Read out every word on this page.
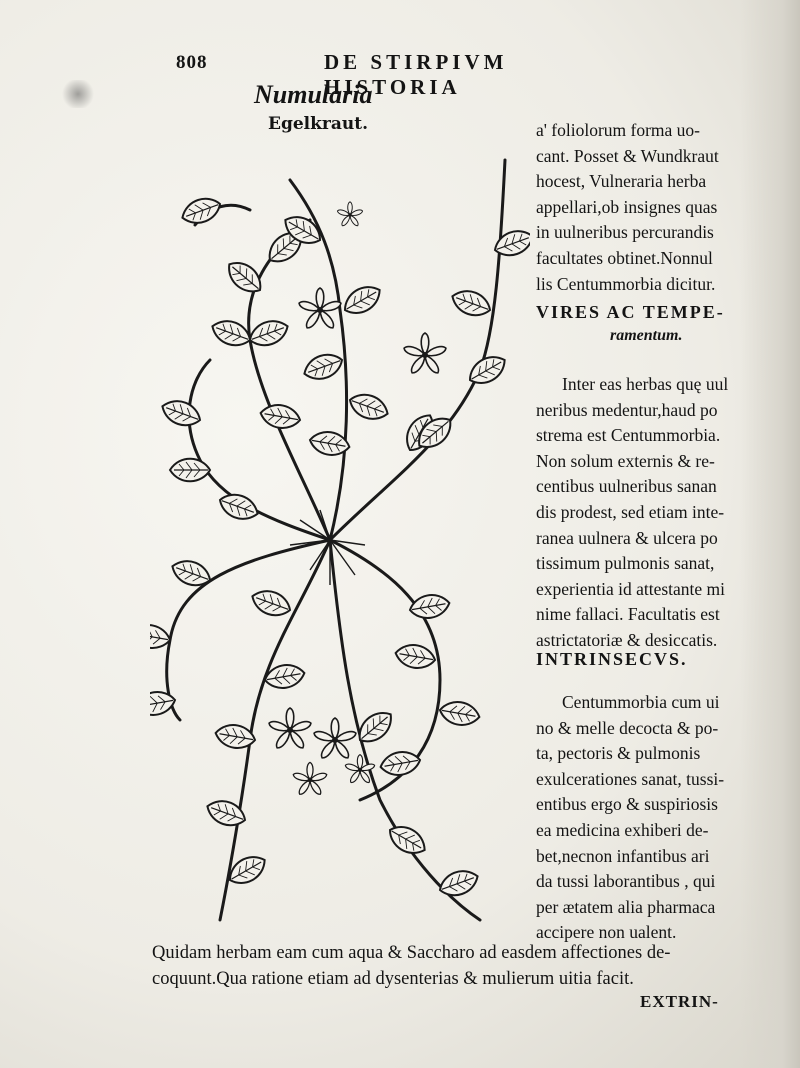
808	DE STIRPIVM HISTORIA
Numularia
Egelkraut.	a' foliolorum forma uo-
cant. Posset & Wundkraut
hocest, Vulneraria herba
appellari,ob insignes quas
in uulneribus percurandis
facultates obtinet.Nonnul
lis Centummorbia dicitur.
VIRES AC TEMPE-
ramentum.
Inter eas herbas quę uul
neribus medentur,haud po
strema est Centummorbia.
Non solum externis & re-
centibus uulneribus sanan
dis prodest, sed etiam inte-
ranea uulnera & ulcera po
tissimum pulmonis sanat,
experientia id attestante mi
nime fallaci. Facultatis est
astrictatoriæ & desiccatis.
INTRINSECVS.
Centummorbia cum ui
no & melle decocta & po-
ta, pectoris & pulmonis
exulcerationes sanat, tussi-
entibus ergo & suspiriosis
ea medicina exhiberi de-
bet,necnon infantibus ari
da tussi laborantibus , qui
per ætatem alia pharmaca
accipere non ualent.
Quidam herbam eam cum aqua & Saccharo ad easdem affectiones de-
coquunt.Qua ratione etiam ad dysenterias & mulierum uitia facit.
EXTRIN-
